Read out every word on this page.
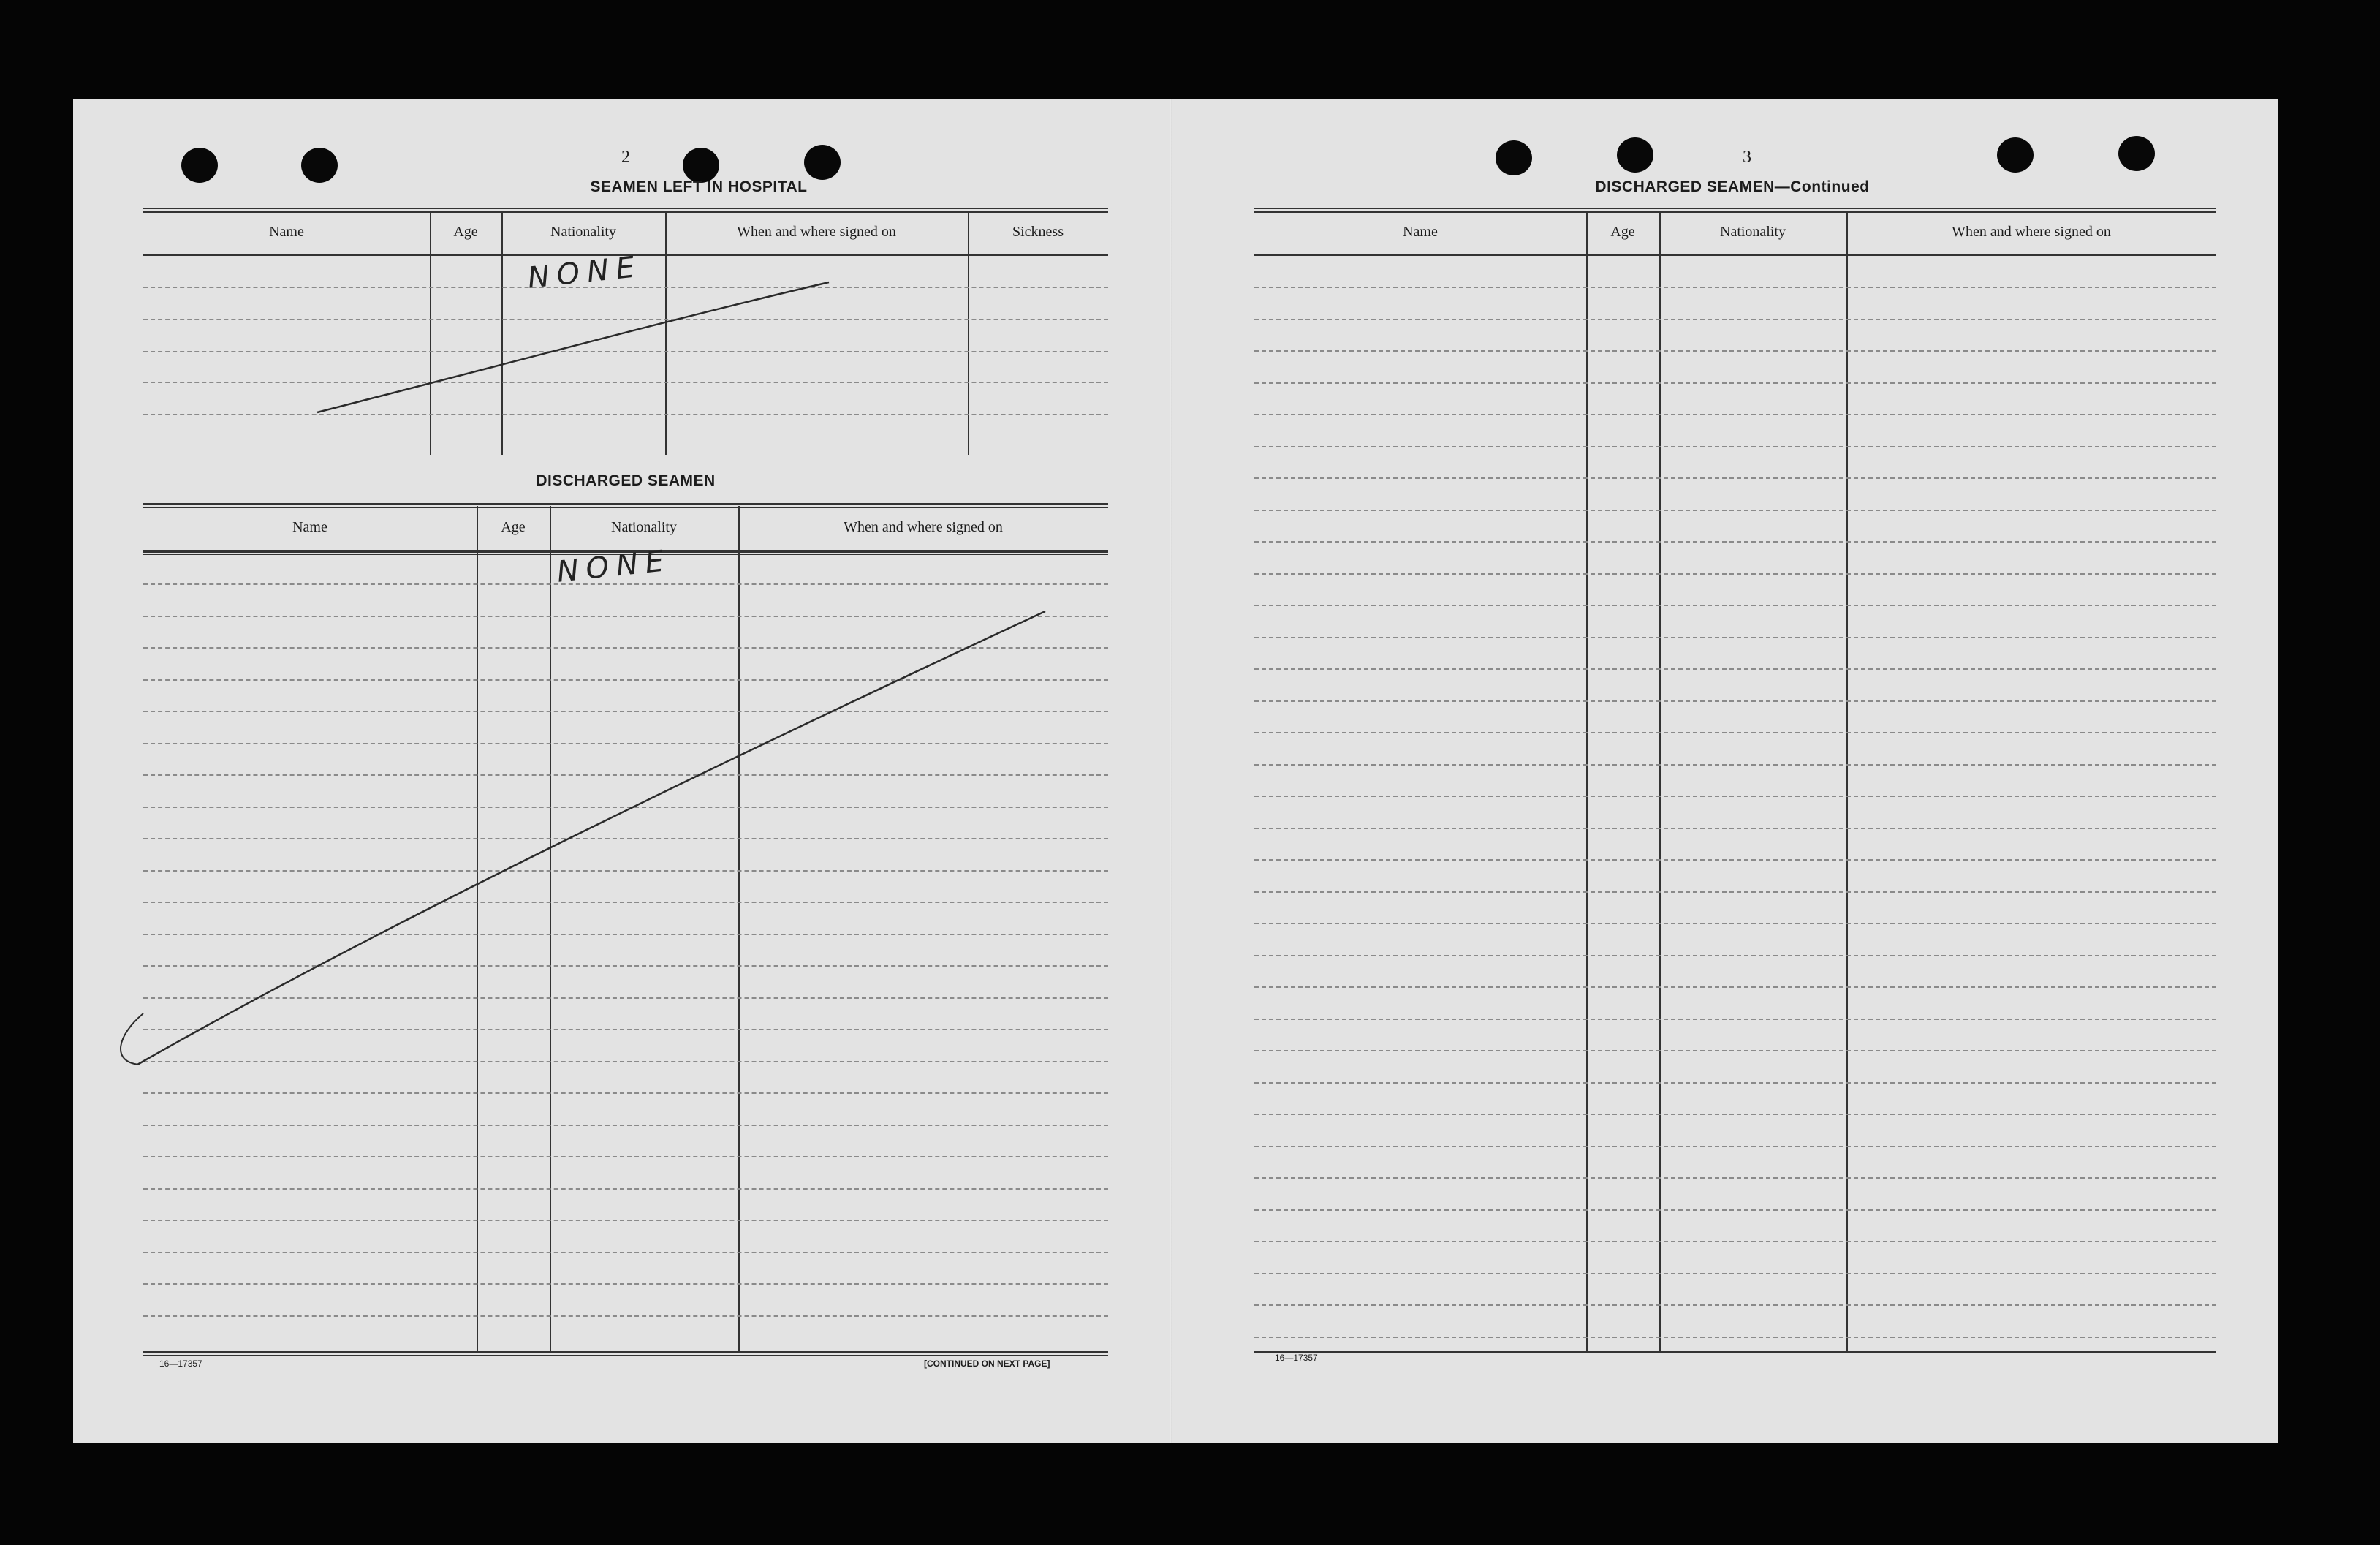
2
SEAMEN LEFT IN HOSPITAL
Name	Age	Nationality	When and where signed on	Sickness
NONE
DISCHARGED SEAMEN
Name	Age	Nationality	When and where signed on
NONE
16—17357	[CONTINUED ON NEXT PAGE]
3
DISCHARGED SEAMEN—Continued
Name	Age	Nationality	When and where signed on
16—17357
